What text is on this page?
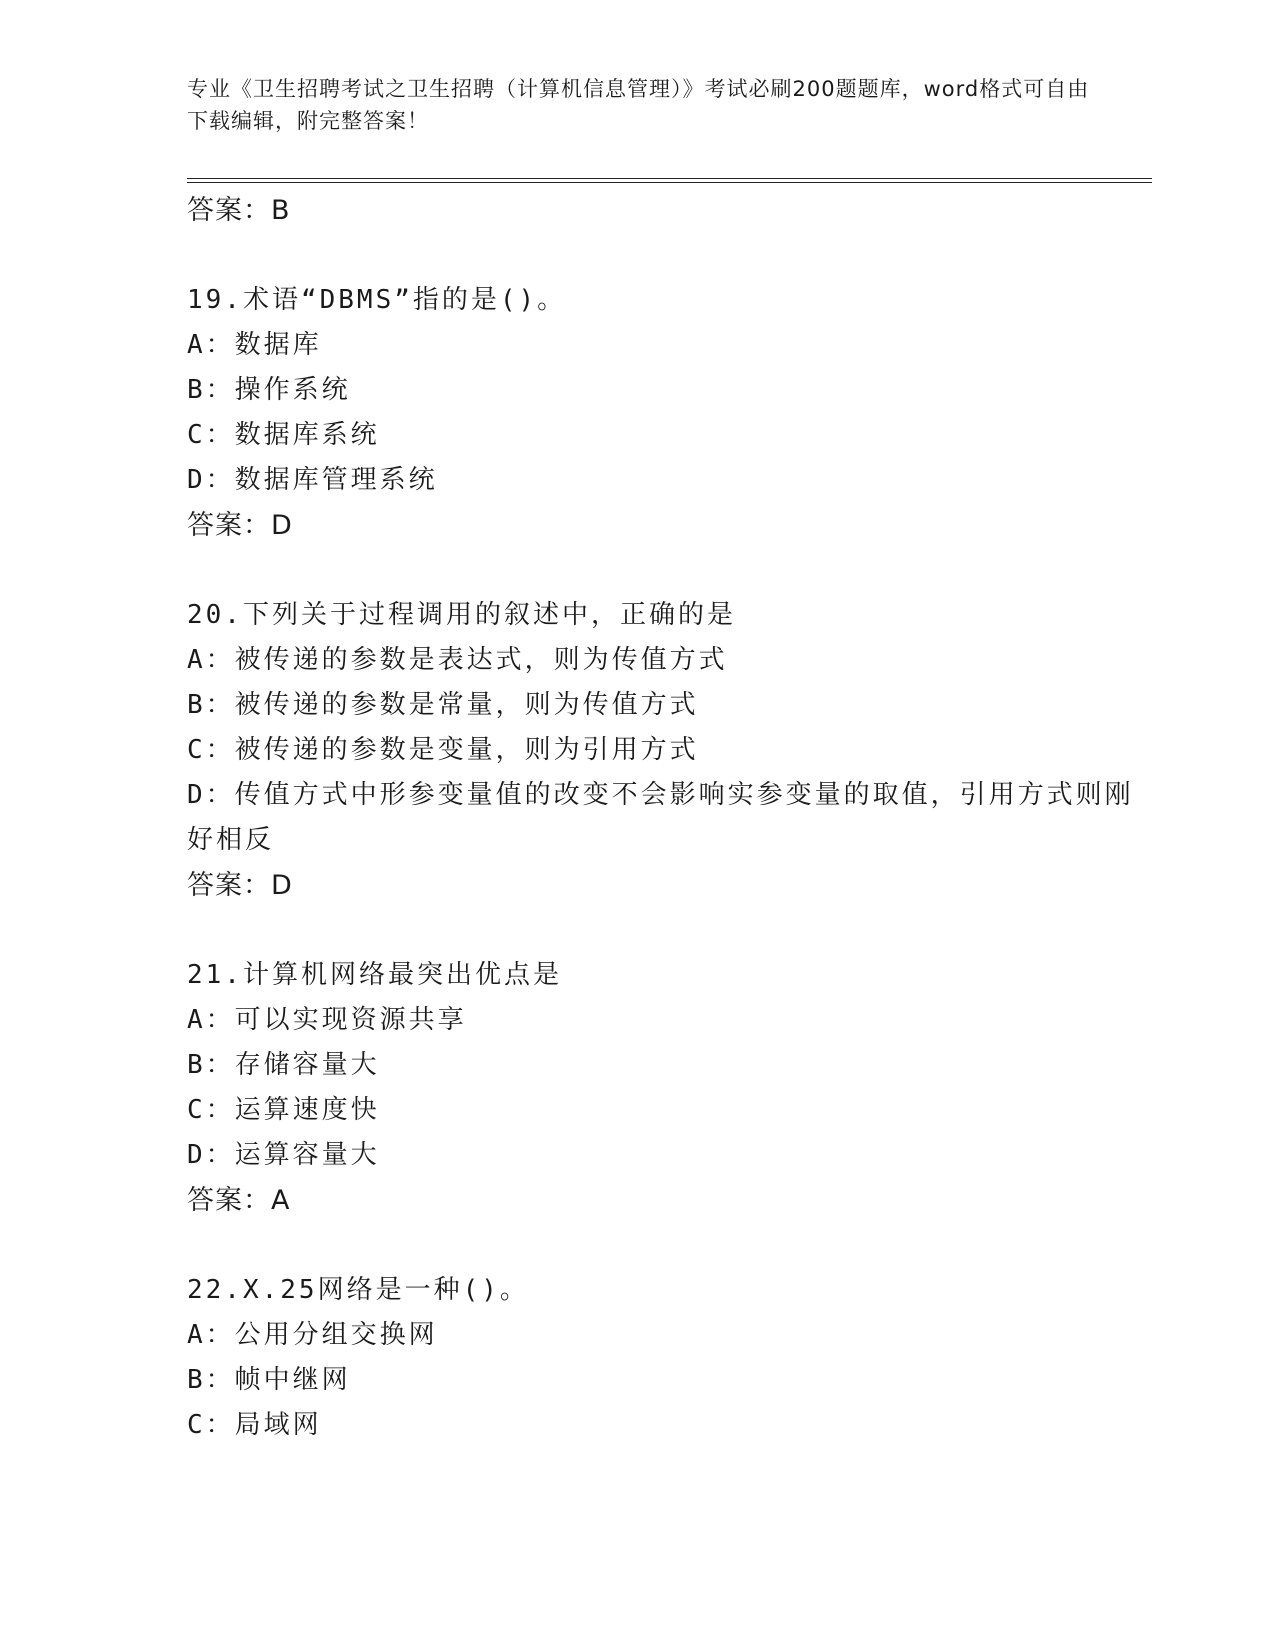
专业《卫生招聘考试之卫生招聘（计算机信息管理）》考试必刷200题题库，word格式可自由下载编辑，附完整答案！
答案：B
19.术语“DBMS”指的是()。
A：数据库
B：操作系统
C：数据库系统
D：数据库管理系统
答案：D
20.下列关于过程调用的叙述中，正确的是
A：被传递的参数是表达式，则为传值方式
B：被传递的参数是常量，则为传值方式
C：被传递的参数是变量，则为引用方式
D：传值方式中形参变量值的改变不会影响实参变量的取值，引用方式则刚好相反
答案：D
21.计算机网络最突出优点是
A：可以实现资源共享
B：存储容量大
C：运算速度快
D：运算容量大
答案：A
22.X.25网络是一种()。
A：公用分组交换网
B：帧中继网
C：局域网
